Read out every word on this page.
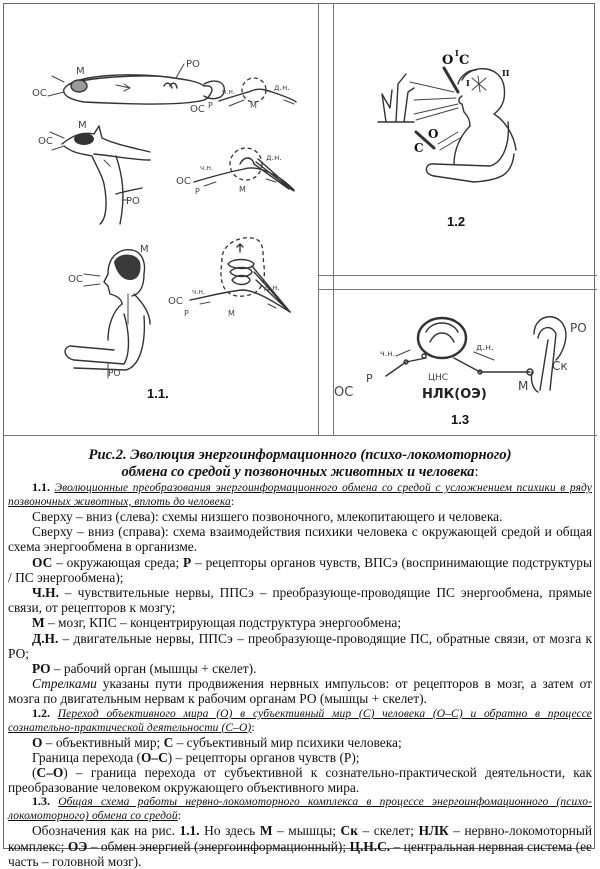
ОС
М
РО
ОС Р
ч.н.
М
д.н.
ОС
М
РО
ОС
Р
ч.н.
М
д.н.
ОС
М
РО
ОС
Р
ч.н.
М
д.н.
1.1.
О С
I
I
II
С
О
1.2
ОС
Р
ч.н.
ЦНС
д.н.
М
НЛК(ОЭ)
РО
Ск
1.3
Рис.2. Эволюция энергоинформационного (психо-локомоторного)
обмена со средой у позвоночных животных и человека:

1.1. Эволюционные преобразования энергоинформационного обмена со средой с усложнением психики в ряду позвоночных животных, вплоть до человека:

Сверху – вниз (слева): схемы низшего позвоночного, млекопитающего и человека.

Сверху – вниз (справа): схема взаимодействия психики человека с окружающей средой и общая схема энергообмена в организме.

ОС – окружающая среда; Р – рецепторы органов чувств, ВПСэ (воспринимающие подструктуры / ПС энергообмена);

Ч.Н. – чувствительные нервы, ППСэ – преобразующе-проводящие ПС энергообмена, прямые связи, от рецепторов к мозгу;

М – мозг, КПС – концентрирующая подструктура энергообмена;

Д.Н. – двигательные нервы, ППСэ – преобразующе-проводящие ПС, обратные связи, от мозга к РО;

РО – рабочий орган (мышцы + скелет).

Стрелками указаны пути продвижения нервных импульсов: от рецепторов в мозг, а затем от мозга по двигательным нервам к рабочим органам РО (мышцы + скелет).

1.2. Переход объективного мира (О) в субъективный мир (С) человека (О–С) и обратно в процессе сознательно-практической деятельности (С–О):

О – объективный мир; С – субъективный мир психики человека;

Граница перехода (О–С) – рецепторы органов чувств (Р);

(С–О) – граница перехода от субъективной к сознательно-практической деятельности, как преобразование человеком окружающего объективного мира.

1.3. Общая схема работы нервно-локомоторного комплекса в процессе энергоинфомационного (психо-локомоторного) обмена со средой:

Обозначения как на рис. 1.1. Но здесь М – мышцы; Ск – скелет; НЛК – нервно-локомоторный комплекс; ОЭ – обмен энергией (энергоинформационный); Ц.Н.С. – центральная нервная система (ее часть – головной мозг).
